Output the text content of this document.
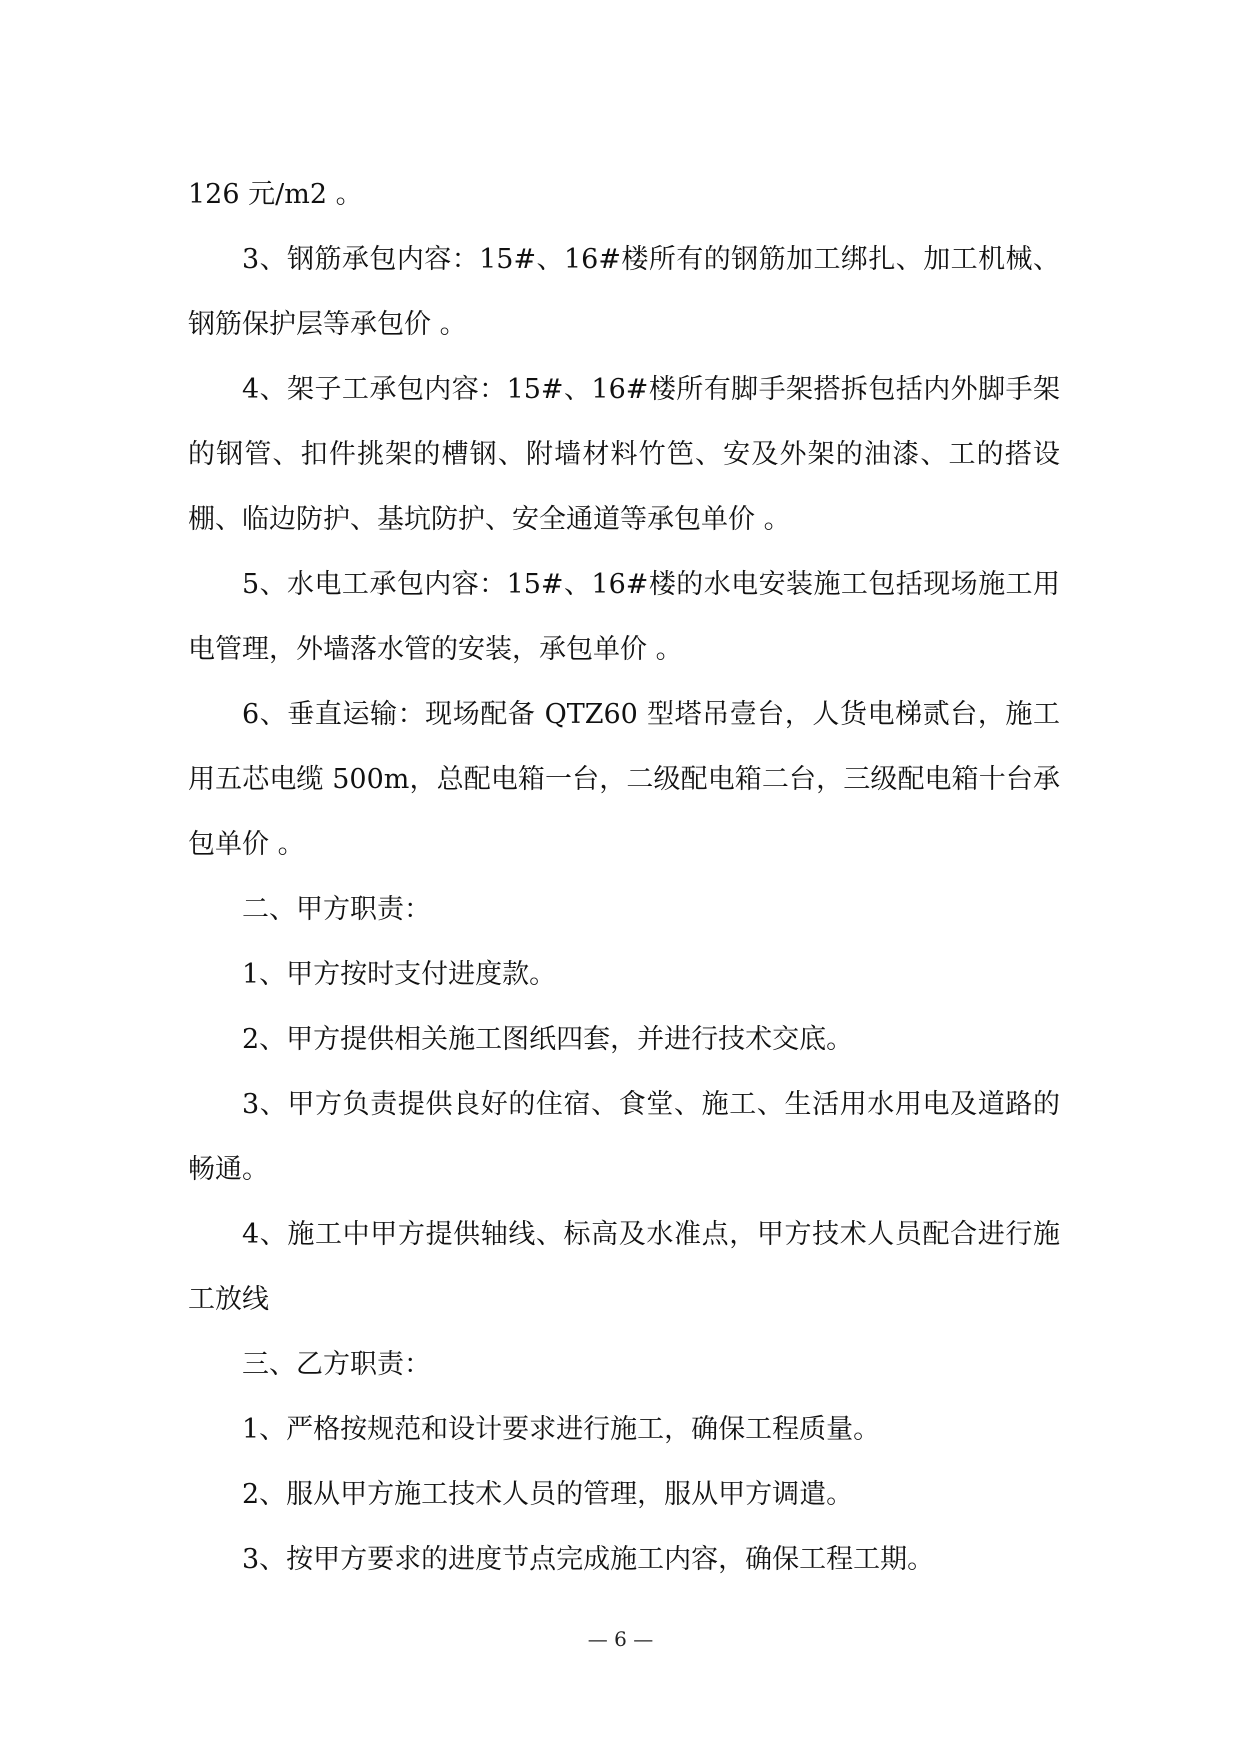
126 元/m2 。

3、钢筋承包内容：15#、16#楼所有的钢筋加工绑扎、加工机械、钢筋保护层等承包价 。

4、架子工承包内容：15#、16#楼所有脚手架搭拆包括内外脚手架的钢管、扣件挑架的槽钢、附墙材料竹笆、安及外架的油漆、工的搭设棚、临边防护、基坑防护、安全通道等承包单价 。

5、水电工承包内容：15#、16#楼的水电安装施工包括现场施工用电管理，外墙落水管的安装，承包单价 。

6、垂直运输：现场配备 QTZ60 型塔吊壹台，人货电梯贰台，施工用五芯电缆 500m，总配电箱一台，二级配电箱二台，三级配电箱十台承包单价 。

二、甲方职责：

1、甲方按时支付进度款。

2、甲方提供相关施工图纸四套，并进行技术交底。

3、甲方负责提供良好的住宿、食堂、施工、生活用水用电及道路的畅通。

4、施工中甲方提供轴线、标高及水准点，甲方技术人员配合进行施工放线

三、乙方职责：

1、严格按规范和设计要求进行施工，确保工程质量。

2、服从甲方施工技术人员的管理，服从甲方调遣。

3、按甲方要求的进度节点完成施工内容，确保工程工期。

— 6 —
